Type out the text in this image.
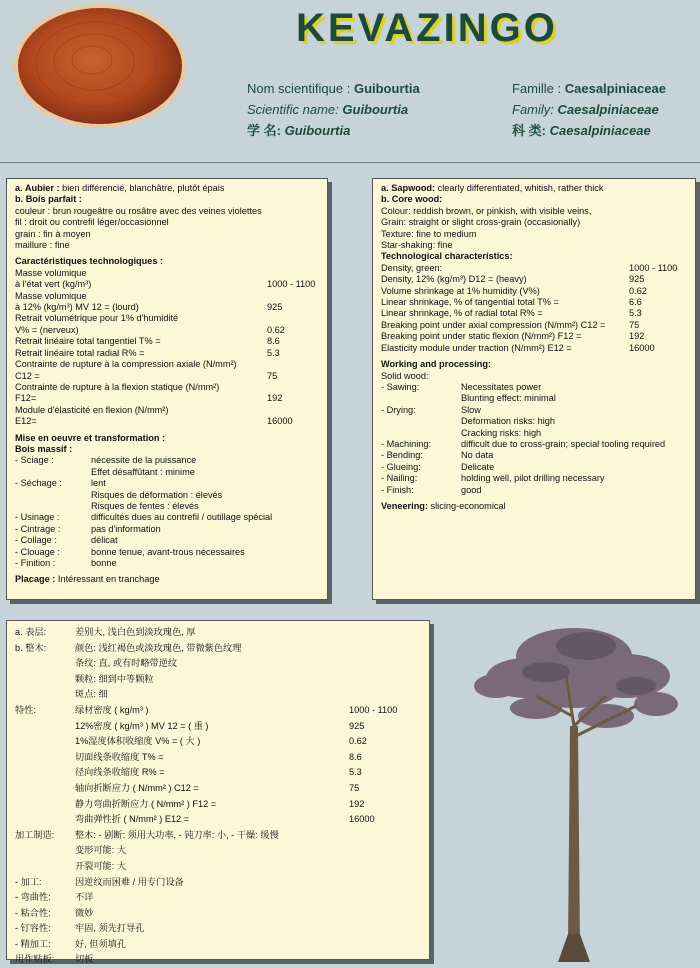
KEVAZINGO
Nom scientifique : Guibourtia
Scientific name: Guibourtia
学 名: Guibourtia
Famille : Caesalpiniaceae
Family: Caesalpiniaceae
科 类: Caesalpiniaceae
a. Aubier : bien différencié, blanchâtre, plutôt épais
b. Bois parfait :
couleur : brun rougeâtre ou rosâtre avec des veines violettes
fil : droit ou contrefil léger/occasionnel
grain : fin à moyen
maillure : fine
Caractéristiques technologiques :
Masse volumique
à l'état vert (kg/m³)	1000 - 1100
Masse volumique
à 12% (kg/m³) MV 12 = (lourd)	925
Retrait volumétrique pour 1% d'humidité
V% = (nerveux)	0.62
Retrait linéaire total tangentiel T% =	8.6
Retrait linéaire total radial R% =	5.3
Contrainte de rupture à la compression axiale (N/mm²)
C12 =	75
Contrainte de rupture à la flexion statique (N/mm²)
F12=	192
Module d'élasticité en flexion (N/mm²)
E12=	16000
Mise en oeuvre et transformation :
Bois massif :
- Sciage :	nécessite de la puissance
Effet désaffûtant : minime
- Séchage :	lent
Risques de déformation : élevés
Risques de fentes : élevés
- Usinage :	difficultés dues au contrefil / outillage spécial
- Cintrage :	pas d'information
- Collage :	délicat
- Clouage :	bonne tenue, avant-trous nécessaires
- Finition :	bonne
Placage : Intéressant en tranchage
a. Sapwood: clearly differentiated, whitish, rather thick
b. Core wood:
Colour: reddish brown, or pinkish, with visible veins,
Grain: straight or slight cross-grain (occasionally)
Texture: fine to medium
Star-shaking: fine
Technological characteristics:
Density, green:	1000 - 1100
Density, 12% (kg/m³) D12 = (heavy)	925
Volume shrinkage at 1% humidity (V%)	0.62
Linear shrinkage, % of tangential total T% =	6.6
Linear shrinkage, % of radial total R% =	5.3
Breaking point under axial compression (N/mm²) C12 =	75
Breaking point under static flexion (N/mm²) F12 =	192
Elasticity module under traction (N/mm²) E12 =	16000
Working and processing:
Solid wood:
- Sawing:	Necessitates power
Blunting effect: minimal
- Drying:	Slow
Deformation risks: high
Cracking risks: high
- Machining:	difficult due to cross-grain; special tooling required
- Bending:	No data
- Glueing:	Delicate
- Nailing:	holding well, pilot drilling necessary
- Finish:	good
Veneering: slicing-economical
a. 表层:	差别大, 浅白色到淡玫瑰色, 厚
b. 整木:	颜色: 浅红褐色或淡玫瑰色, 带微紫色纹理
条纹: 直, 或有时略带逆纹
颗粒: 细到中等颗粒
斑点: 细
特性:	绿材密度 ( kg/m³ )	1000 - 1100
12%密度 ( kg/m³ ) MV 12 = ( 重 )	925
1%湿度体积收缩度 V% = ( 大 )	0.62
切面线条收缩度 T% =	8.6
径向线条收缩度 R% =	5.3
轴向折断应力 ( N/mm² ) C12 =	75
静力弯曲折断应力 ( N/mm² ) F12 =	192
弯曲弹性折 ( N/mm² ) E12 =	16000
加工制造:	整木: - 剧断: 须用大功率, - 钝刀率: 小, - 干燥: 缓慢
变形可能: 大
开裂可能: 大
- 加工:	因逆纹而困难 / 用专门设备
- 弯曲性:	不详
- 粘合性:	微妙
- 钉容性:	牢固, 须先打导孔
- 精加工:	好, 但须填孔
用作贴板:	切板
